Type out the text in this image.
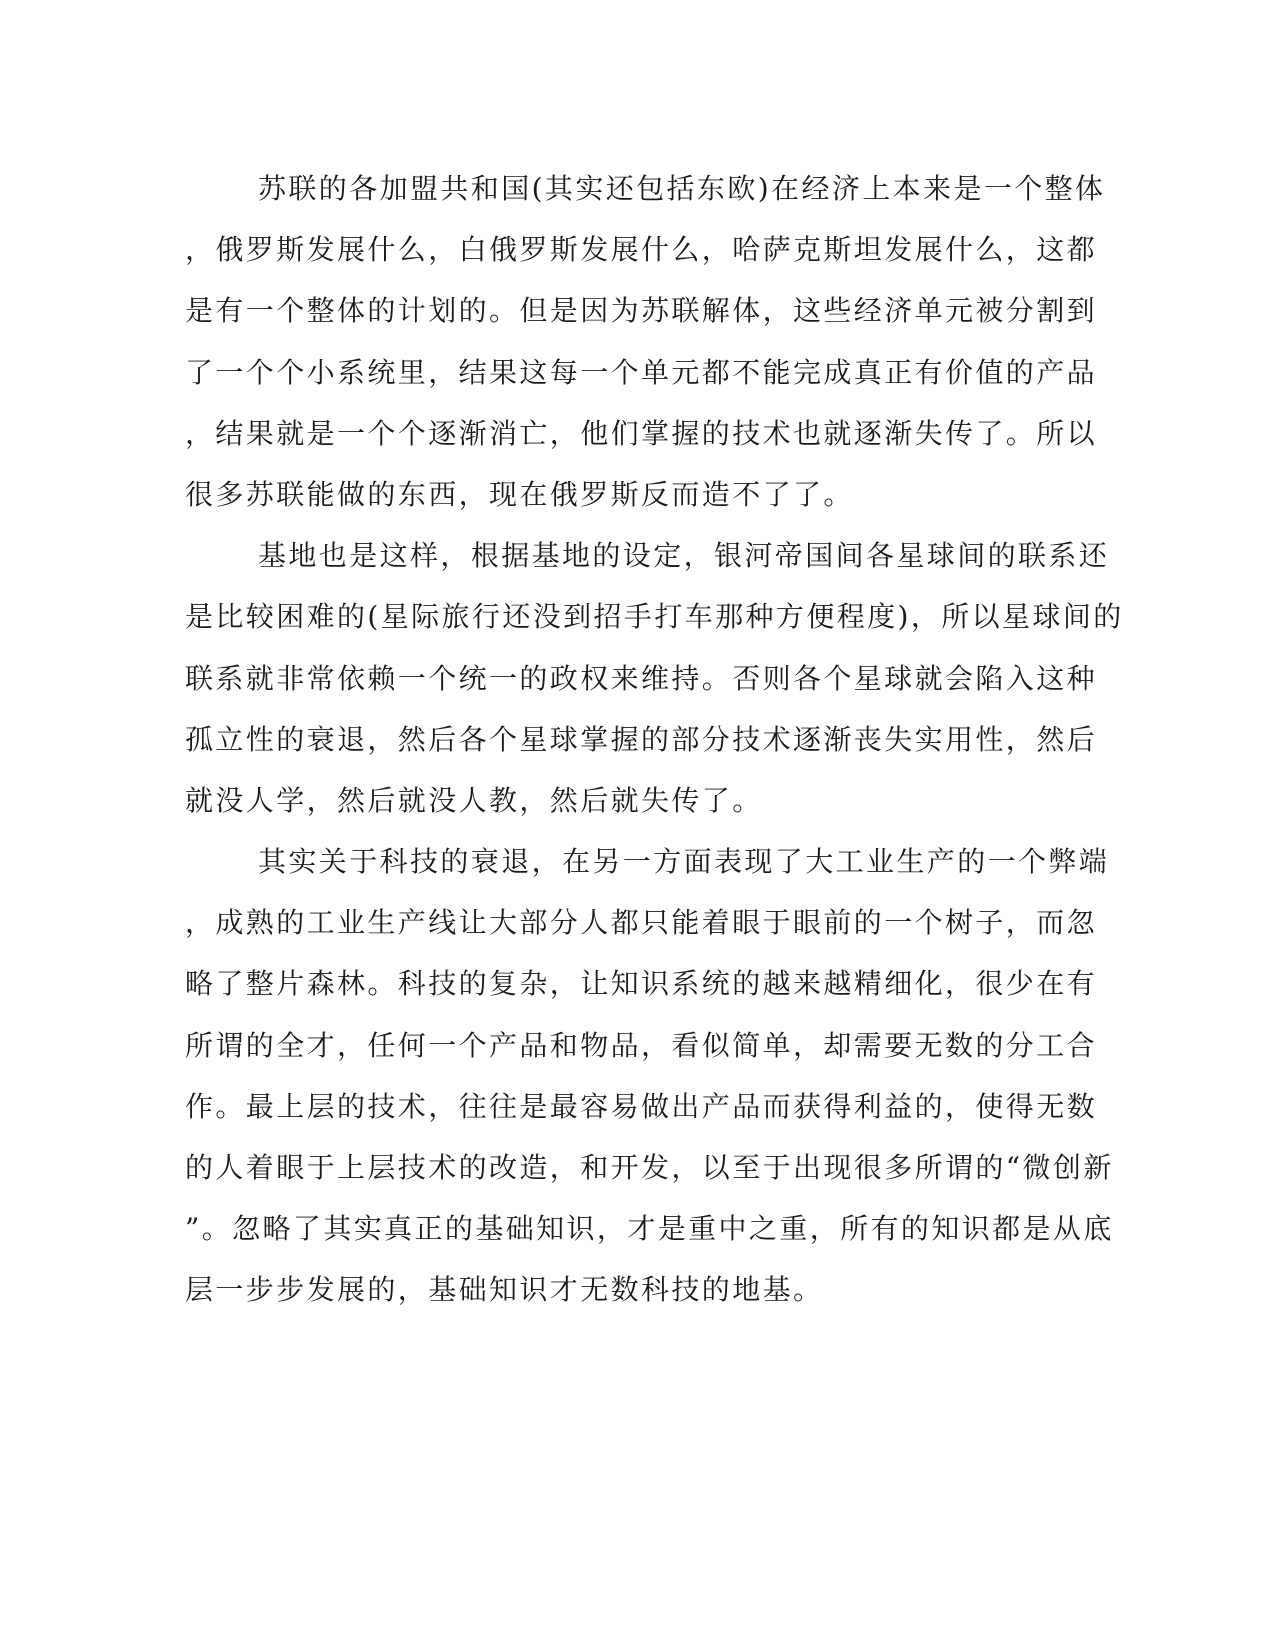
苏联的各加盟共和国(其实还包括东欧)在经济上本来是一个整体
，俄罗斯发展什么，白俄罗斯发展什么，哈萨克斯坦发展什么，这都
是有一个整体的计划的。但是因为苏联解体，这些经济单元被分割到
了一个个小系统里，结果这每一个单元都不能完成真正有价值的产品
，结果就是一个个逐渐消亡，他们掌握的技术也就逐渐失传了。所以
很多苏联能做的东西，现在俄罗斯反而造不了了。
基地也是这样，根据基地的设定，银河帝国间各星球间的联系还
是比较困难的(星际旅行还没到招手打车那种方便程度)，所以星球间的
联系就非常依赖一个统一的政权来维持。否则各个星球就会陷入这种
孤立性的衰退，然后各个星球掌握的部分技术逐渐丧失实用性，然后
就没人学，然后就没人教，然后就失传了。
其实关于科技的衰退，在另一方面表现了大工业生产的一个弊端
，成熟的工业生产线让大部分人都只能着眼于眼前的一个树子，而忽
略了整片森林。科技的复杂，让知识系统的越来越精细化，很少在有
所谓的全才，任何一个产品和物品，看似简单，却需要无数的分工合
作。最上层的技术，往往是最容易做出产品而获得利益的，使得无数
的人着眼于上层技术的改造，和开发，以至于出现很多所谓的“微创新
”。忽略了其实真正的基础知识，才是重中之重，所有的知识都是从底
层一步步发展的，基础知识才无数科技的地基。
